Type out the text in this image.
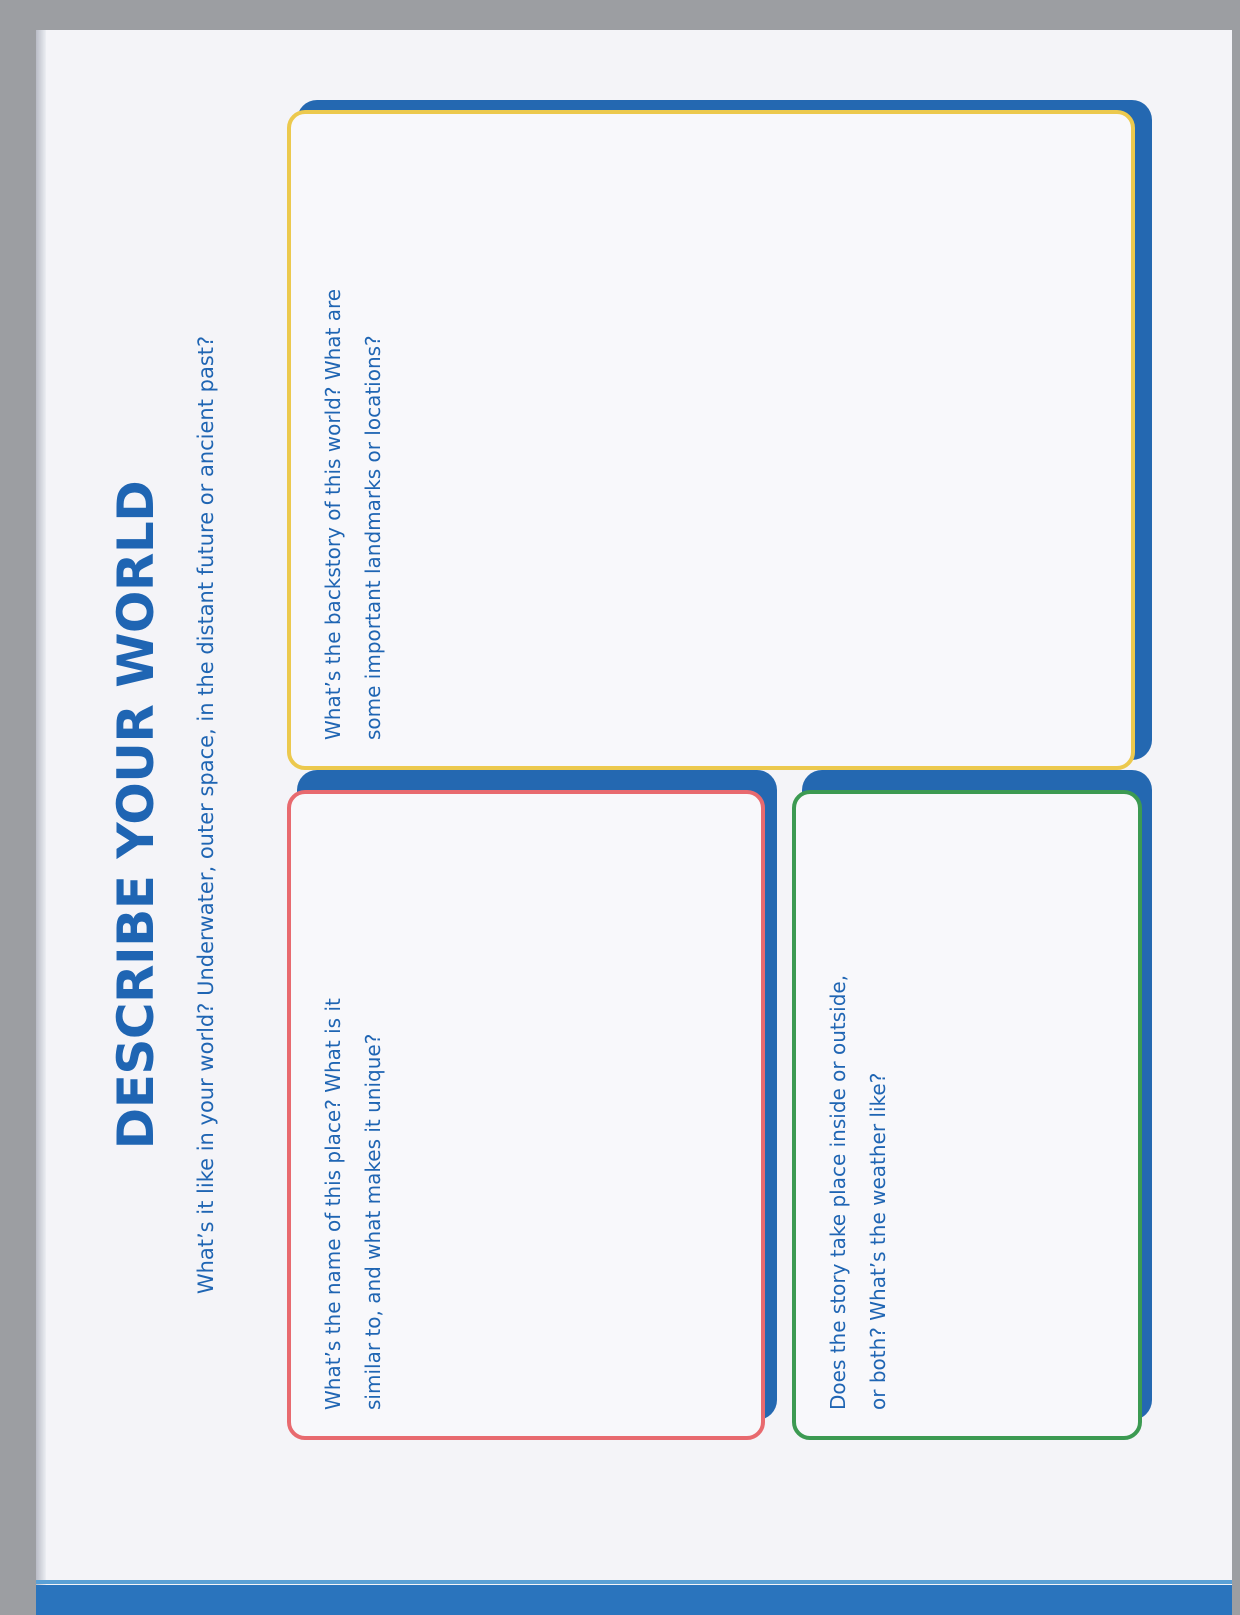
DESCRIBE YOUR WORLD What’s it like in your world? Underwater, outer space, in the distant future or ancient past?	What’s the name of this place? What is it similar to, and what makes it unique?	Does the story take place inside or outside, or both? What’s the weather like?
What’s the backstory of this world? What are some important landmarks or locations?
